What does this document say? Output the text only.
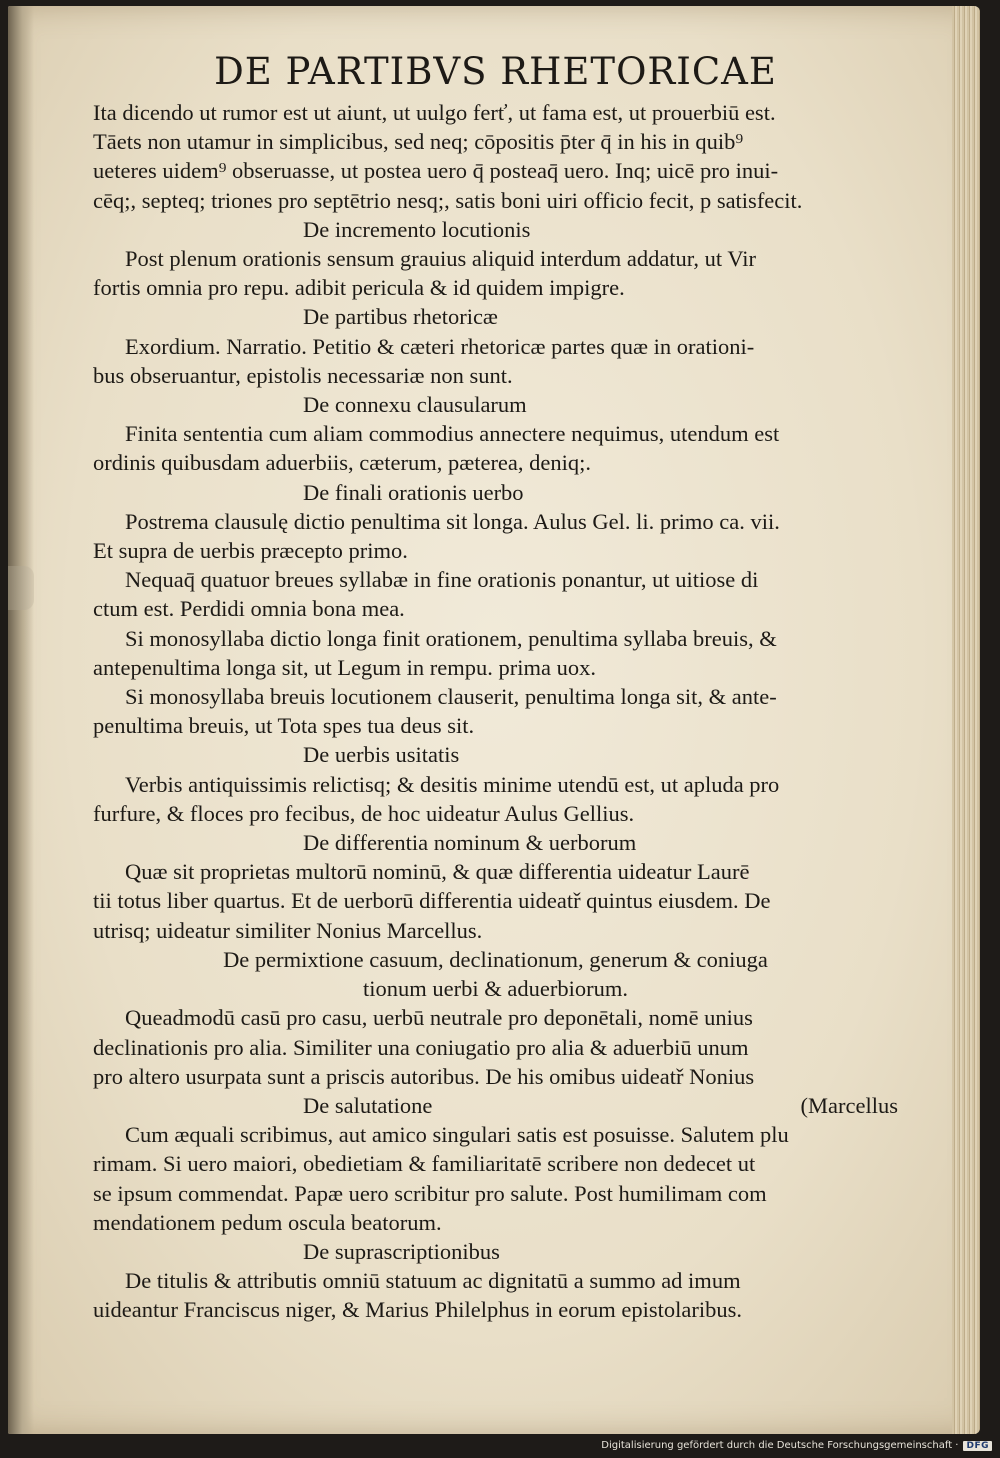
DE PARTIBVS RHETORICAE
Ita dicendo ut rumor est ut aiunt, ut uulgo ferť, ut fama est, ut prouerbiū est.
Tāets non utamur in simplicibus, sed neq; cōpositis p̄ter q̄ in his in quib⁹
ueteres uidem⁹ obseruasse, ut postea uero q̄ posteaq̄ uero. Inq; uicē pro inui-
cēq;, septeq; triones pro septētrio nesq;, satis boni uiri officio fecit, p satisfecit.
De incremento locutionis
Post plenum orationis sensum grauius aliquid interdum addatur, ut Vir
fortis omnia pro repu. adibit pericula & id quidem impigre.
De partibus rhetoricæ
Exordium. Narratio. Petitio & cæteri rhetoricæ partes quæ in orationi-
bus obseruantur, epistolis necessariæ non sunt.
De connexu clausularum
Finita sententia cum aliam commodius annectere nequimus, utendum est
ordinis quibusdam aduerbiis, cæterum, pæterea, deniq;.
De finali orationis uerbo
Postrema clausulę dictio penultima sit longa. Aulus Gel. li. primo ca. vii.
Et supra de uerbis præcepto primo.
Nequaq̄ quatuor breues syllabæ in fine orationis ponantur, ut uitiose di
ctum est. Perdidi omnia bona mea.
Si monosyllaba dictio longa finit orationem, penultima syllaba breuis, &
antepenultima longa sit, ut Legum in rempu. prima uox.
Si monosyllaba breuis locutionem clauserit, penultima longa sit, & ante-
penultima breuis, ut Tota spes tua deus sit.
De uerbis usitatis
Verbis antiquissimis relictisq; & desitis minime utendū est, ut apluda pro
furfure, & floces pro fecibus, de hoc uideatur Aulus Gellius.
De differentia nominum & uerborum
Quæ sit proprietas multorū nominū, & quæ differentia uideatur Laurē
tii totus liber quartus. Et de uerborū differentia uideatř quintus eiusdem. De
utrisq; uideatur similiter Nonius Marcellus.
De permixtione casuum, declinationum, generum & coniuga
tionum uerbi & aduerbiorum.
Queadmodū casū pro casu, uerbū neutrale pro deponētali, nomē unius
declinationis pro alia. Similiter una coniugatio pro alia & aduerbiū unum
pro altero usurpata sunt a priscis autoribus. De his omibus uideatř Nonius
De salutatione	(Marcellus
Cum æquali scribimus, aut amico singulari satis est posuisse. Salutem plu
rimam. Si uero maiori, obedietiam & familiaritatē scribere non dedecet ut
se ipsum commendat. Papæ uero scribitur pro salute. Post humilimam com
mendationem pedum oscula beatorum.
De suprascriptionibus
De titulis & attributis omniū statuum ac dignitatū a summo ad imum
uideantur Franciscus niger, & Marius Philelphus in eorum epistolaribus.
Digitalisierung gefördert durch die Deutsche Forschungsgemeinschaft · DFG
